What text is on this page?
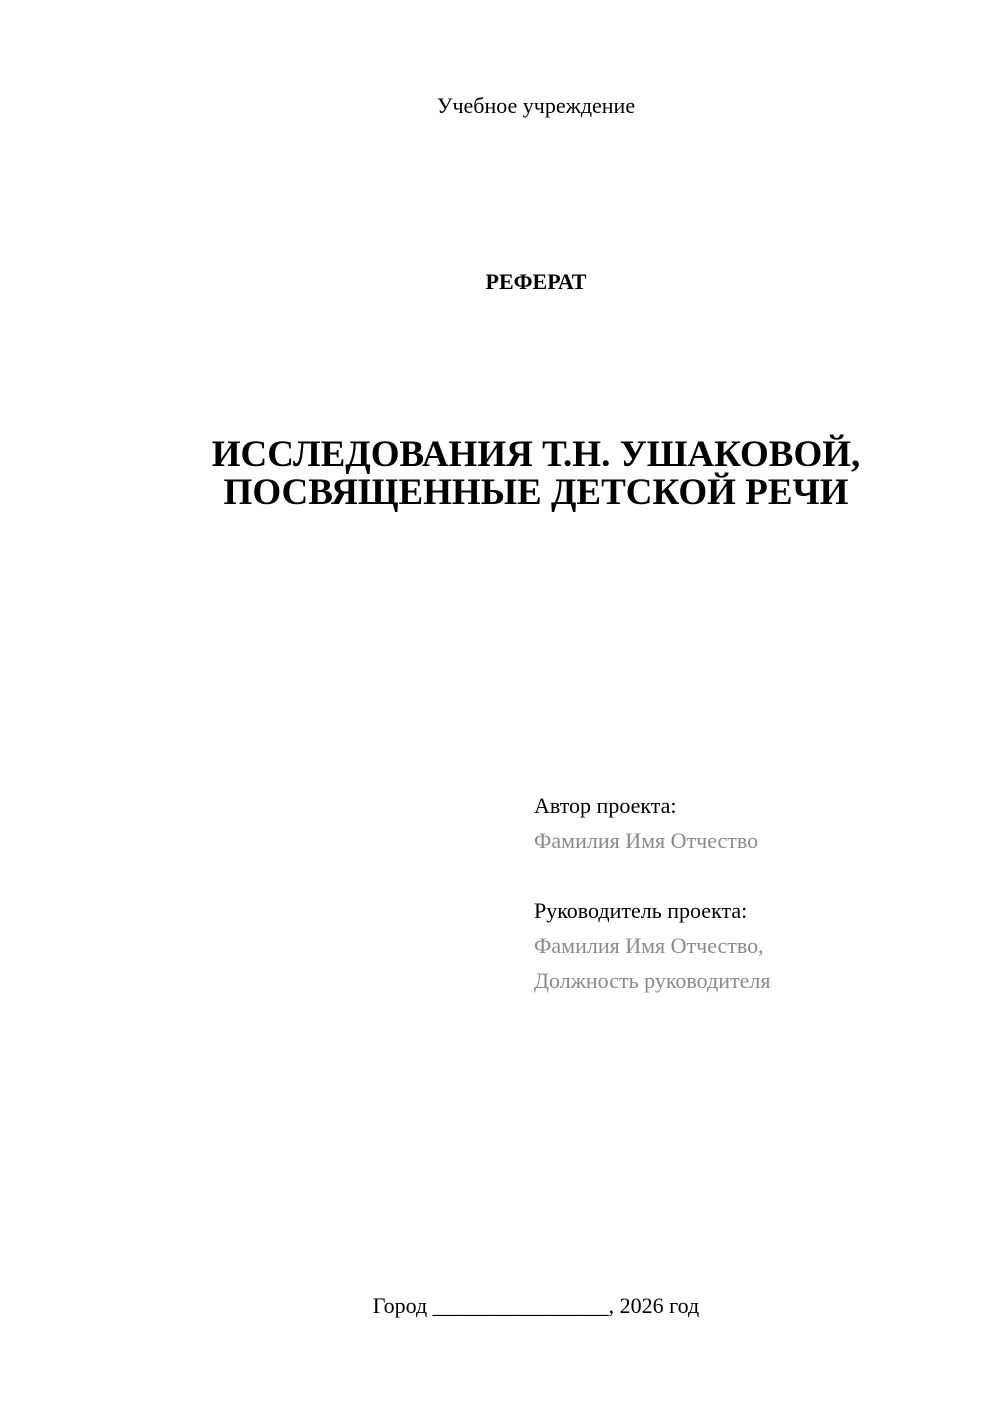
Учебное учреждение
РЕФЕРАТ
ИССЛЕДОВАНИЯ Т.Н. УШАКОВОЙ,
ПОСВЯЩЕННЫЕ ДЕТСКОЙ РЕЧИ
Автор проекта:
Фамилия Имя Отчество
Руководитель проекта:
Фамилия Имя Отчество,
Должность руководителя
Город ________________, 2026 год
